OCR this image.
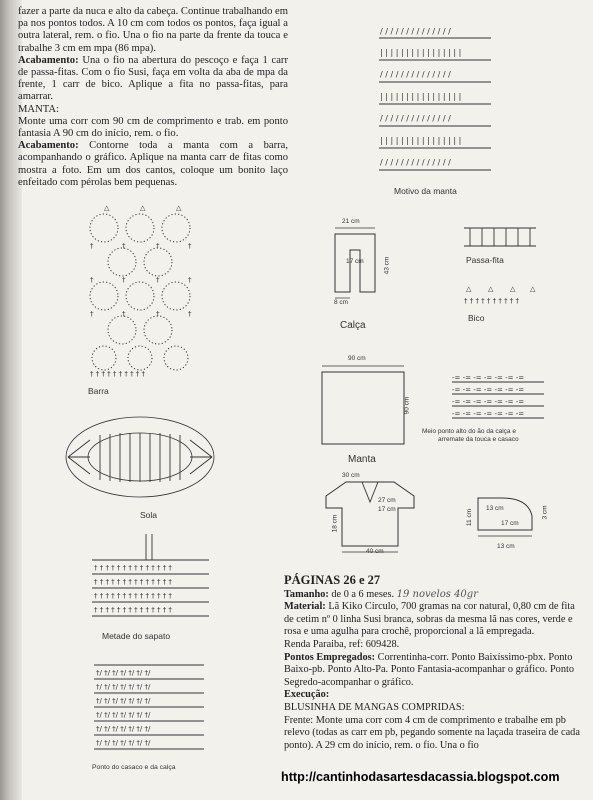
fazer a parte da nuca e alto da cabeça. Continue trabalhando em pa nos pontos todos. A 10 cm com todos os pontos, faça igual a outra lateral, rem. o fio. Una o fio na parte da frente da touca e trabalhe 3 cm em mpa (86 mpa).

Acabamento: Una o fio na abertura do pescoço e faça 1 carr de passa-fitas. Com o fio Susi, faça em volta da aba de mpa da frente, 1 carr de bico. Aplique a fita no passa-fitas, para amarrar.

MANTA:

Monte uma corr com 90 cm de comprimento e trab. em ponto fantasia A 90 cm do início, rem. o fio.

Acabamento: Contorne toda a manta com a barra, acompanhando o gráfico. Aplique na manta carr de fitas como mostra a foto. Em um dos cantos, coloque um bonito laço enfeitado com pérolas bem pequenas.

△	△	△
†	†	†	†
†	†	†	†
†	†	†	†
† † † † † † † † † †
Barra
Sola
† † † † † † † † † † † † † †
† † † † † † † † † † † † † †
† † † † † † † † † † † † † †
† † † † † † † † † † † † † †
Metade do sapato
†/ †/ †/ †/ †/ †/ †/
†/ †/ †/ †/ †/ †/ †/
†/ †/ †/ †/ †/ †/ †/
†/ †/ †/ †/ †/ †/ †/
†/ †/ †/ †/ †/ †/ †/
†/ †/ †/ †/ †/ †/ †/
Ponto do casaco e da calça
/ / / / / / / / / / / / / /
| | | | | | | | | | | | | | | |
/ / / / / / / / / / / / / /
| | | | | | | | | | | | | | | |
/ / / / / / / / / / / / / /
| | | | | | | | | | | | | | | |
/ / / / / / / / / / / / / /
Motivo da manta
21 cm
17 cm	43 cm
8 cm
Calça
Passa-fita
△ △ △ △
† † † † † † † † † †
Bico
90 cm
90 cm
Manta
-= -= -= -= -= -= -=
-= -= -= -= -= -= -=
-= -= -= -= -= -= -=
-= -= -= -= -= -= -=
Meio ponto alto do ão da calça e
arremate da touca e casaco
30 cm
27 cm
17 cm
18 cm
40 cm
11 cm
13 cm
17 cm
3 cm
13 cm
PÁGINAS 26 e 27

Tamanho: de 0 a 6 meses. 19 novelos 40gr

Material: Lã Kiko Círculo, 700 gramas na cor natural, 0,80 cm de fita de cetim nº 0 linha Susi branca, sobras da mesma lã nas cores, verde e rosa e uma agulha para crochê, proporcional a lã empregada.

Renda Paraiba, ref: 609428.

Pontos Empregados: Correntinha-corr. Ponto Baixíssimo-pbx. Ponto Baixo-pb. Ponto Alto-Pa. Ponto Fantasia-acompanhar o gráfico. Ponto Segredo-acompanhar o gráfico.

Execução:

BLUSINHA DE MANGAS COMPRIDAS:

Frente: Monte uma corr com 4 cm de comprimento e trabalhe em pb relevo (todas as carr em pb, pegando somente na laçada traseira de cada ponto). A 29 cm do início, rem. o fio. Una o fio

http://cantinhodasartesdacassia.blogspot.com
